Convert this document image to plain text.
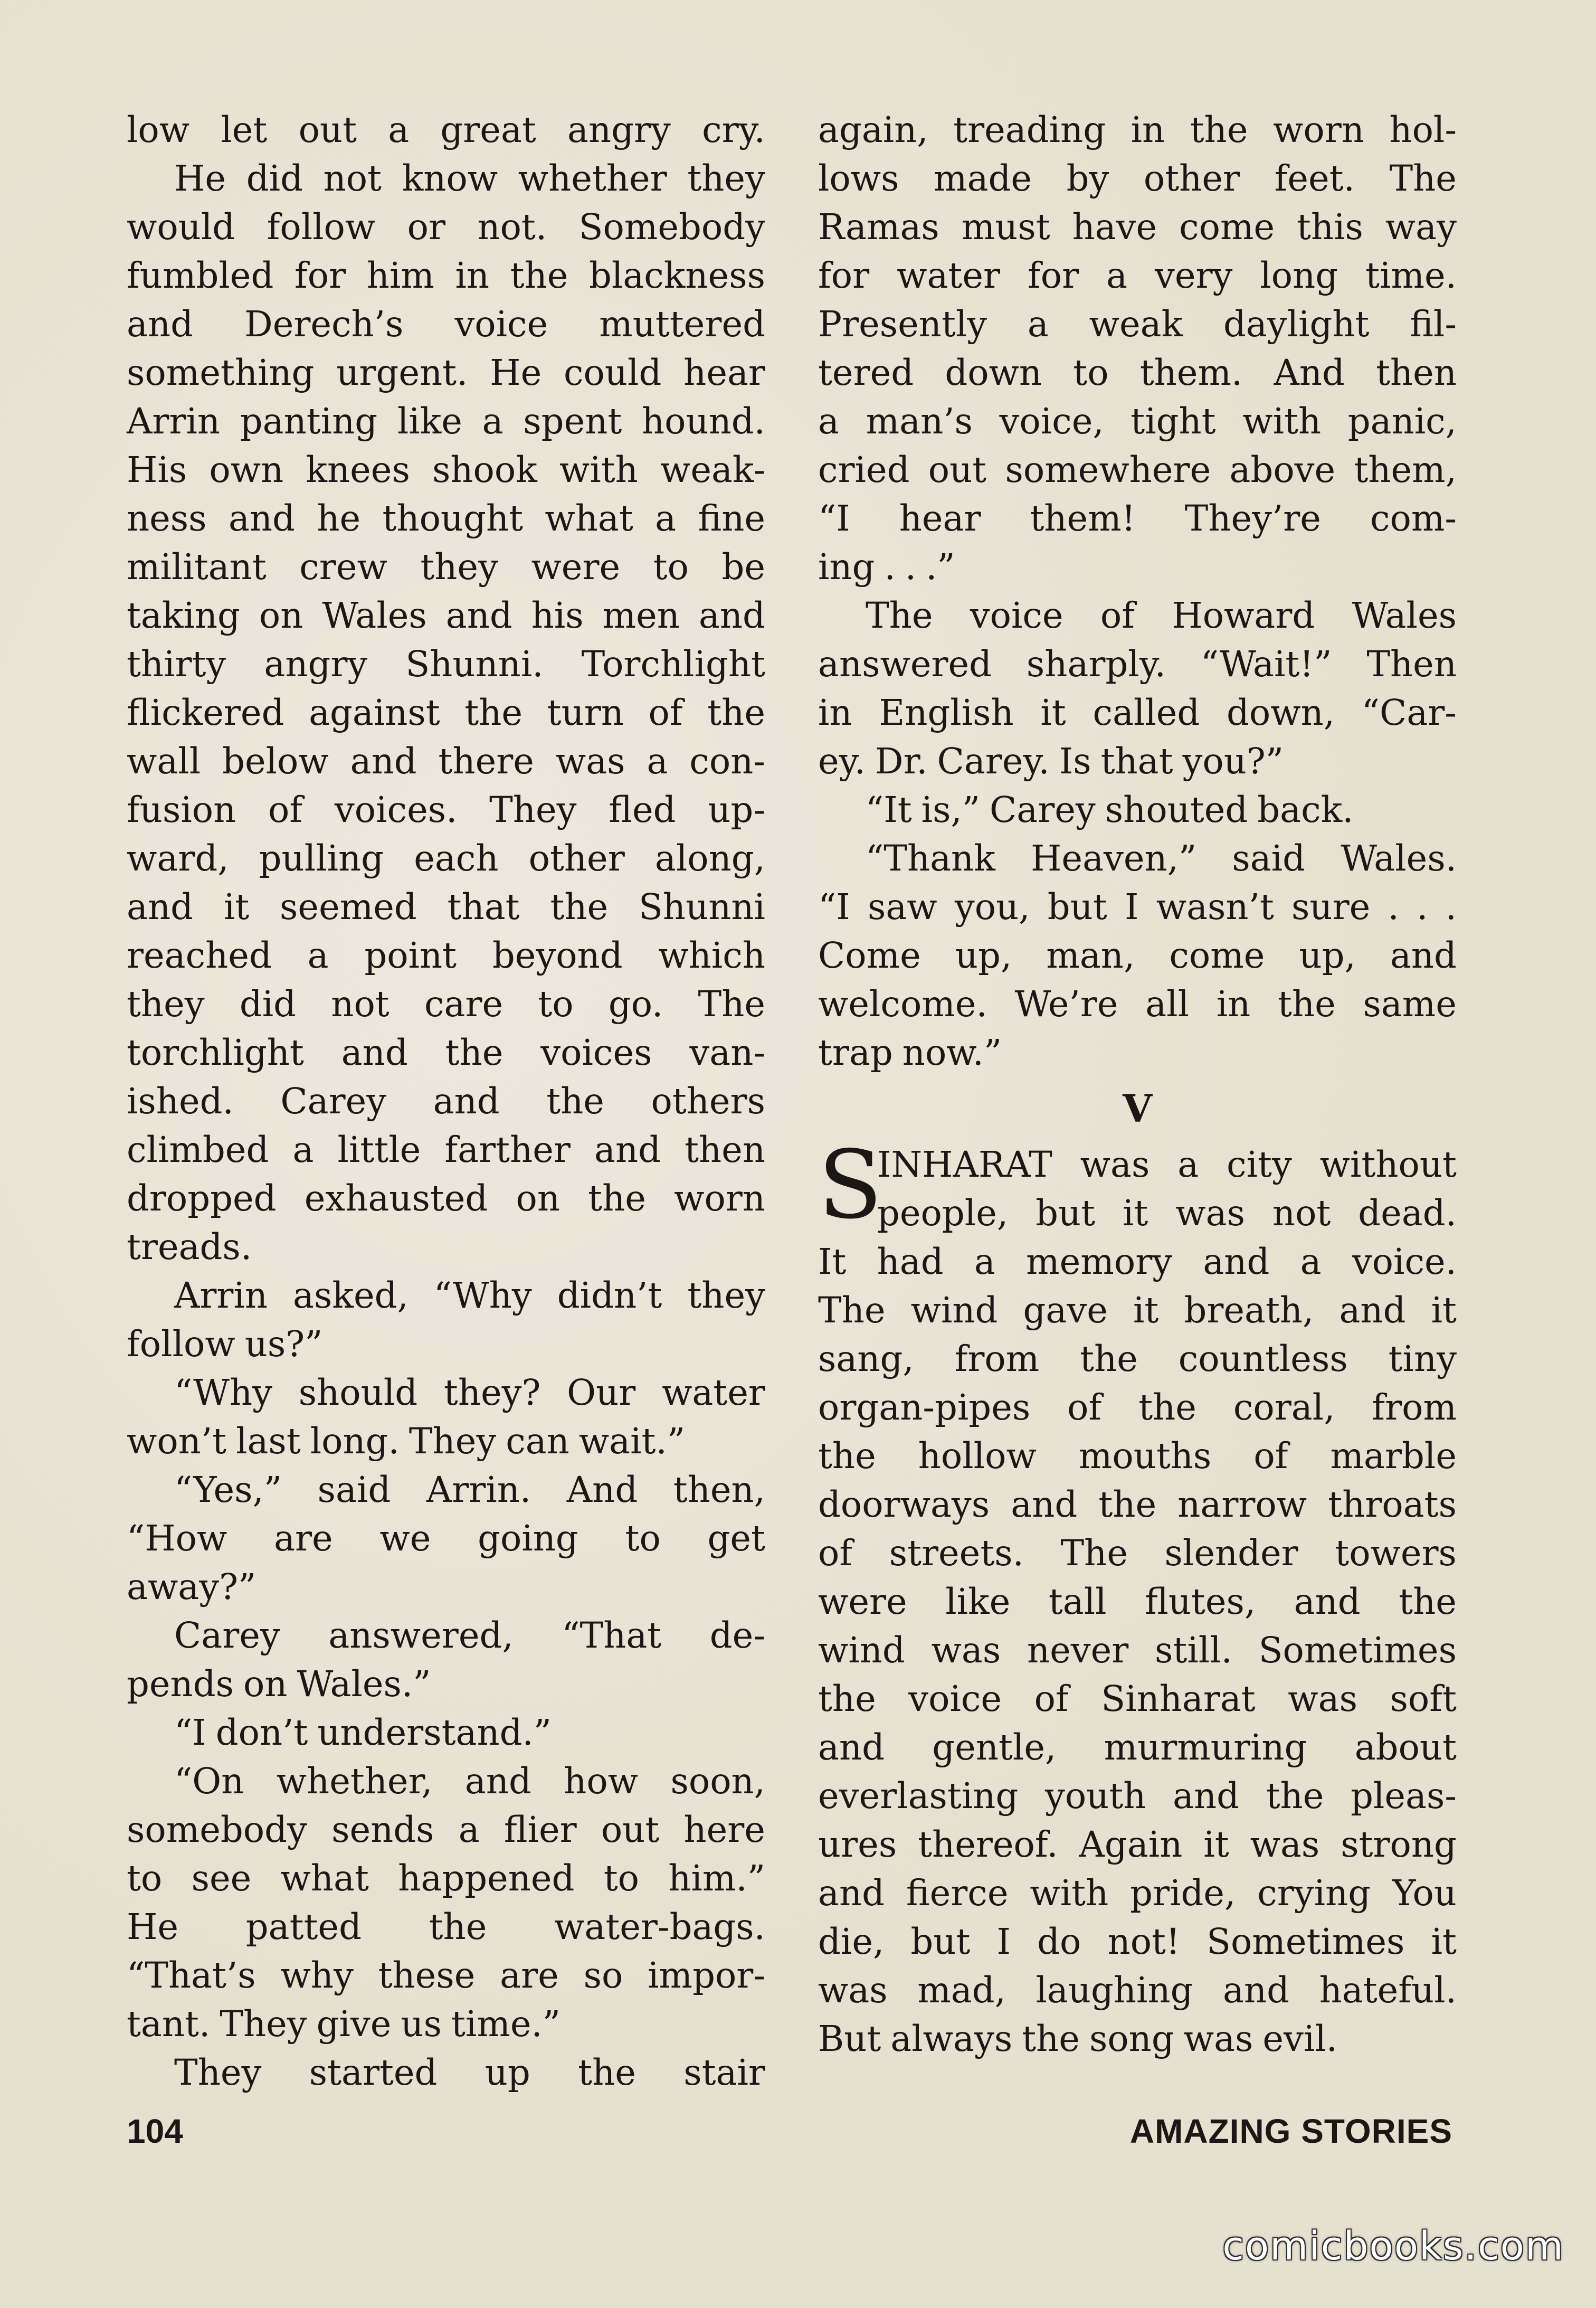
low let out a great angry cry.
He did not know whether they
would follow or not. Somebody
fumbled for him in the blackness
and Derech’s voice muttered
something urgent. He could hear
Arrin panting like a spent hound.
His own knees shook with weak-
ness and he thought what a fine
militant crew they were to be
taking on Wales and his men and
thirty angry Shunni. Torchlight
flickered against the turn of the
wall below and there was a con-
fusion of voices. They fled up-
ward, pulling each other along,
and it seemed that the Shunni
reached a point beyond which
they did not care to go. The
torchlight and the voices van-
ished. Carey and the others
climbed a little farther and then
dropped exhausted on the worn
treads.
Arrin asked, “Why didn’t they
follow us?”
“Why should they? Our water
won’t last long. They can wait.”
“Yes,” said Arrin. And then,
“How are we going to get
away?”
Carey answered, “That de-
pends on Wales.”
“I don’t understand.”
“On whether, and how soon,
somebody sends a flier out here
to see what happened to him.”
He patted the water-bags.
“That’s why these are so impor-
tant. They give us time.”
They started up the stair
again, treading in the worn hol-
lows made by other feet. The
Ramas must have come this way
for water for a very long time.
Presently a weak daylight fil-
tered down to them. And then
a man’s voice, tight with panic,
cried out somewhere above them,
“I hear them! They’re com-
ing . . .”
The voice of Howard Wales
answered sharply. “Wait!” Then
in English it called down, “Car-
ey. Dr. Carey. Is that you?”
“It is,” Carey shouted back.
“Thank Heaven,” said Wales.
“I saw you, but I wasn’t sure . . .
Come up, man, come up, and
welcome. We’re all in the same
trap now.”
V
S
INHARAT was a city without
people, but it was not dead.
It had a memory and a voice.
The wind gave it breath, and it
sang, from the countless tiny
organ-pipes of the coral, from
the hollow mouths of marble
doorways and the narrow throats
of streets. The slender towers
were like tall flutes, and the
wind was never still. Sometimes
the voice of Sinharat was soft
and gentle, murmuring about
everlasting youth and the pleas-
ures thereof. Again it was strong
and fierce with pride, crying You
die, but I do not! Sometimes it
was mad, laughing and hateful.
But always the song was evil.
104	AMAZING STORIES
comicbooks.com
